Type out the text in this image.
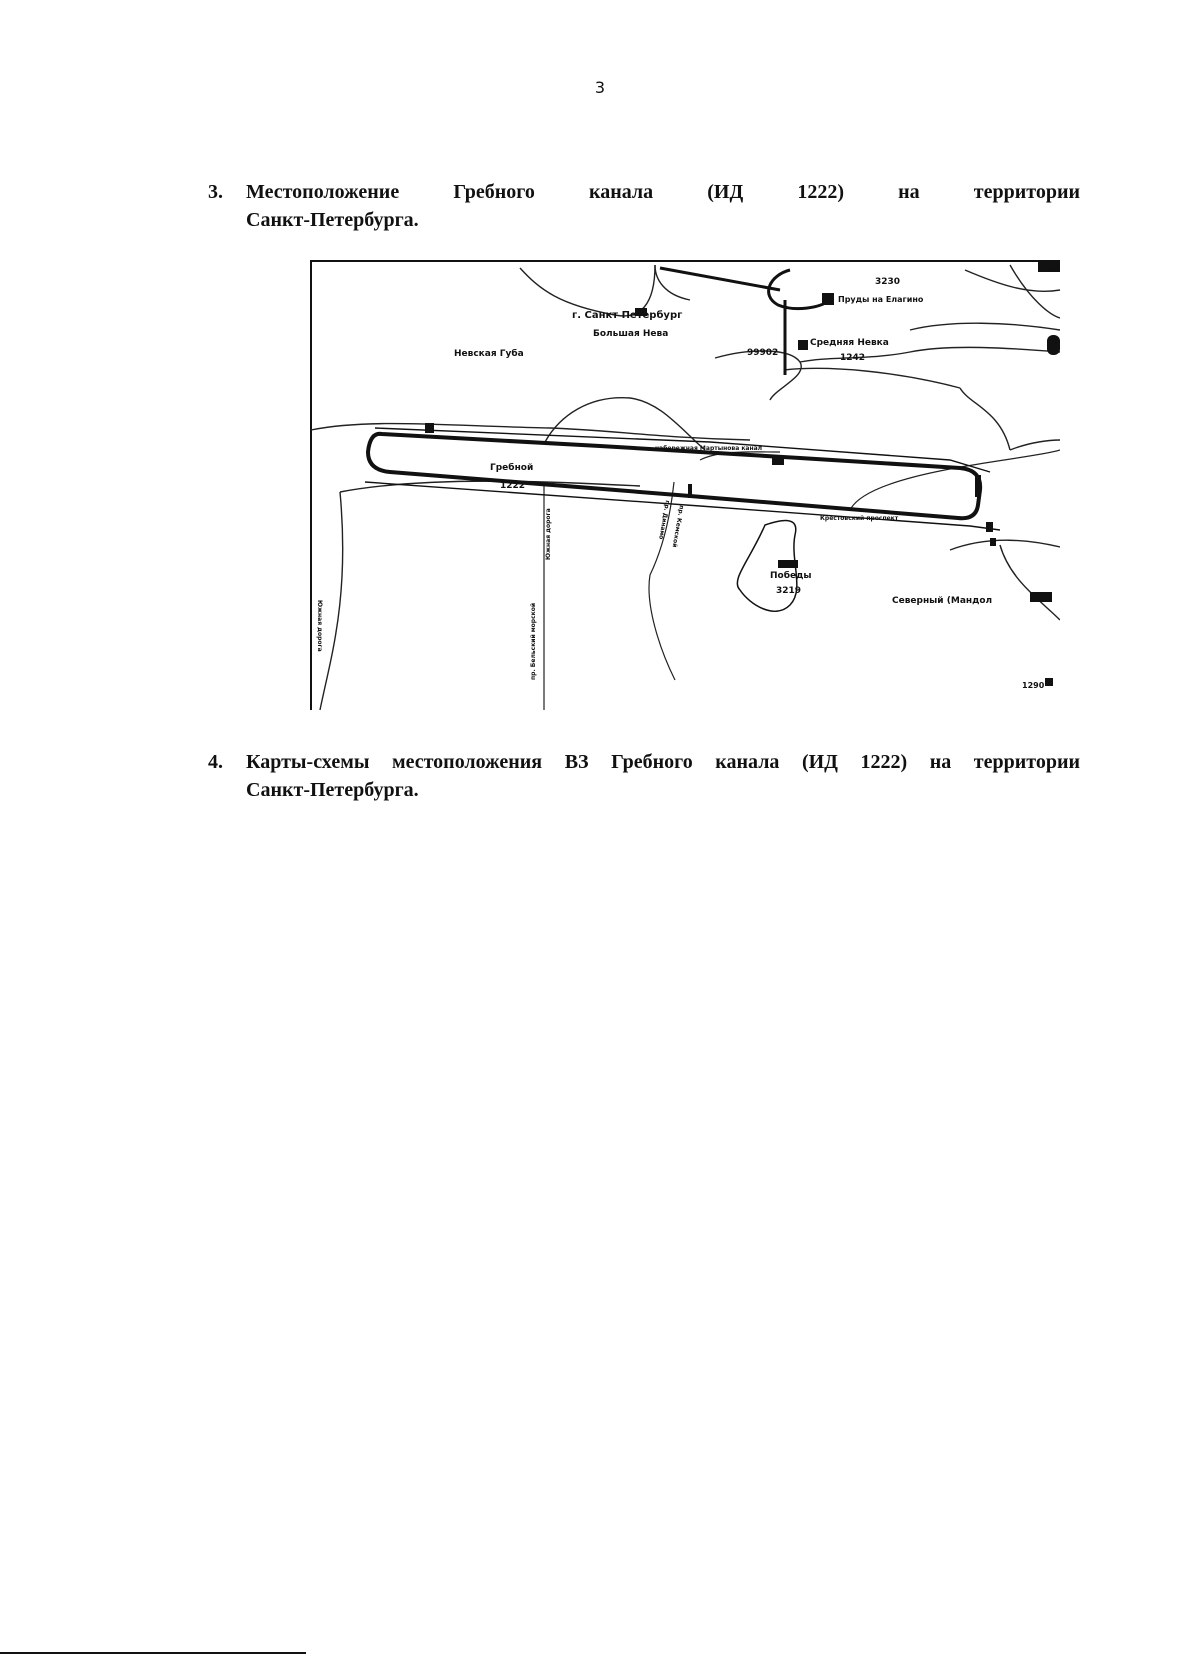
3
3. Местоположение Гребного канала (ИД 1222) на территории
Санкт-Петербурга.
г. Санкт Петербург
Большая Нева
Невская Губа	99902
Средняя Невка
1242
3230
Пруды на Елагино
Гребной
1222
Победы
3219
Северный (Мандол
1290
3200
набережная Мартынова канал
Крестовский проспект
Южная дорога
пр. Динамо пр. Кемской
Южная дорога
пр. Бельский морской
4. Карты-схемы местоположения ВЗ Гребного канала (ИД 1222) на территории
Санкт-Петербурга.
